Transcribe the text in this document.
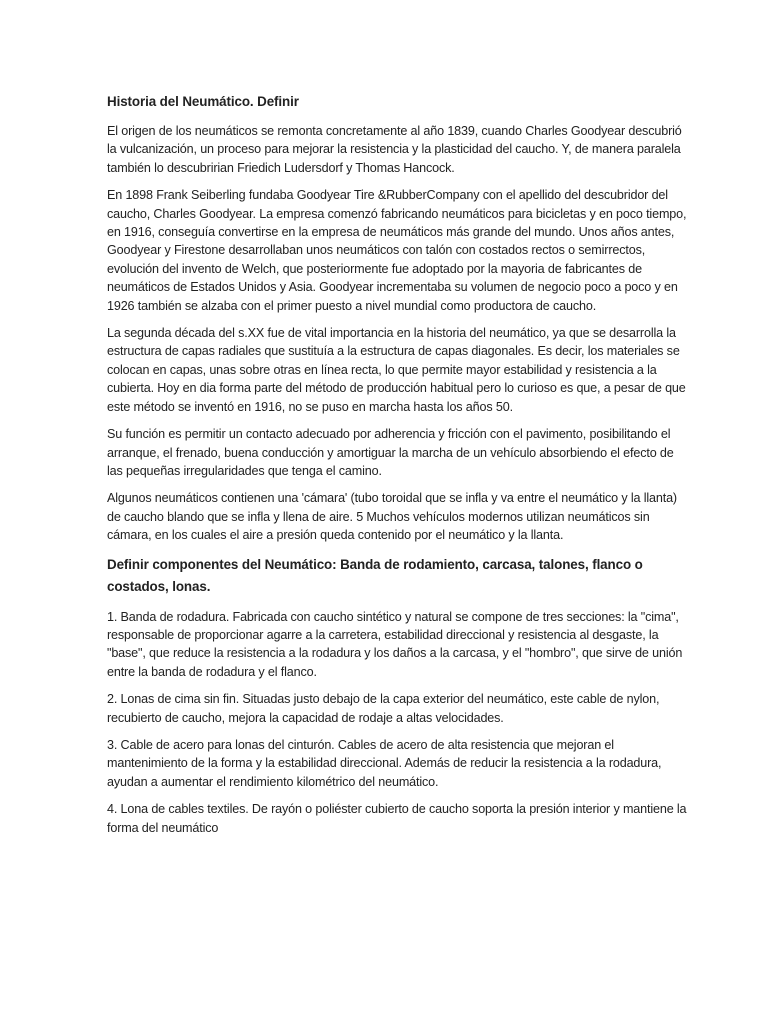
Historia del Neumático. Definir

El origen de los neumáticos se remonta concretamente al año 1839, cuando Charles Goodyear descubrió la vulcanización, un proceso para mejorar la resistencia y la plasticidad del caucho. Y, de manera paralela también lo descubririan Friedich Ludersdorf y Thomas Hancock.

En 1898 Frank Seiberling fundaba Goodyear Tire &RubberCompany con el apellido del descubridor del caucho, Charles Goodyear. La empresa comenzó fabricando neumáticos para bicicletas y en poco tiempo, en 1916, conseguía convertirse en la empresa de neumáticos más grande del mundo. Unos años antes, Goodyear y Firestone desarrollaban unos neumáticos con talón con costados rectos o semirrectos, evolución del invento de Welch, que posteriormente fue adoptado por la mayoria de fabricantes de neumáticos de Estados Unidos y Asia. Goodyear incrementaba su volumen de negocio poco a poco y en 1926 también se alzaba con el primer puesto a nivel mundial como productora de caucho.

La segunda década del s.XX fue de vital importancia en la historia del neumático, ya que se desarrolla la estructura de capas radiales que sustituía a la estructura de capas diagonales. Es decir, los materiales se colocan en capas, unas sobre otras en línea recta, lo que permite mayor estabilidad y resistencia a la cubierta. Hoy en dia forma parte del método de producción habitual pero lo curioso es que, a pesar de que este método se inventó en 1916, no se puso en marcha hasta los años 50.

Su función es permitir un contacto adecuado por adherencia y fricción con el pavimento, posibilitando el arranque, el frenado, buena conducción y amortiguar la marcha de un vehículo absorbiendo el efecto de las pequeñas irregularidades que tenga el camino.

Algunos neumáticos contienen una 'cámara' (tubo toroidal que se infla y va entre el neumático y la llanta) de caucho blando que se infla y llena de aire. 5 Muchos vehículos modernos utilizan neumáticos sin cámara, en los cuales el aire a presión queda contenido por el neumático y la llanta.

Definir componentes del Neumático: Banda de rodamiento, carcasa, talones, flanco o costados, lonas.

1. Banda de rodadura. Fabricada con caucho sintético y natural se compone de tres secciones: la "cima", responsable de proporcionar agarre a la carretera, estabilidad direccional y resistencia al desgaste, la "base", que reduce la resistencia a la rodadura y los daños a la carcasa, y el "hombro", que sirve de unión entre la banda de rodadura y el flanco.

2. Lonas de cima sin fin. Situadas justo debajo de la capa exterior del neumático, este cable de nylon, recubierto de caucho, mejora la capacidad de rodaje a altas velocidades.

3. Cable de acero para lonas del cinturón. Cables de acero de alta resistencia que mejoran el mantenimiento de la forma y la estabilidad direccional. Además de reducir la resistencia a la rodadura, ayudan a aumentar el rendimiento kilométrico del neumático.

4. Lona de cables textiles. De rayón o poliéster cubierto de caucho soporta la presión interior y mantiene la forma del neumático
